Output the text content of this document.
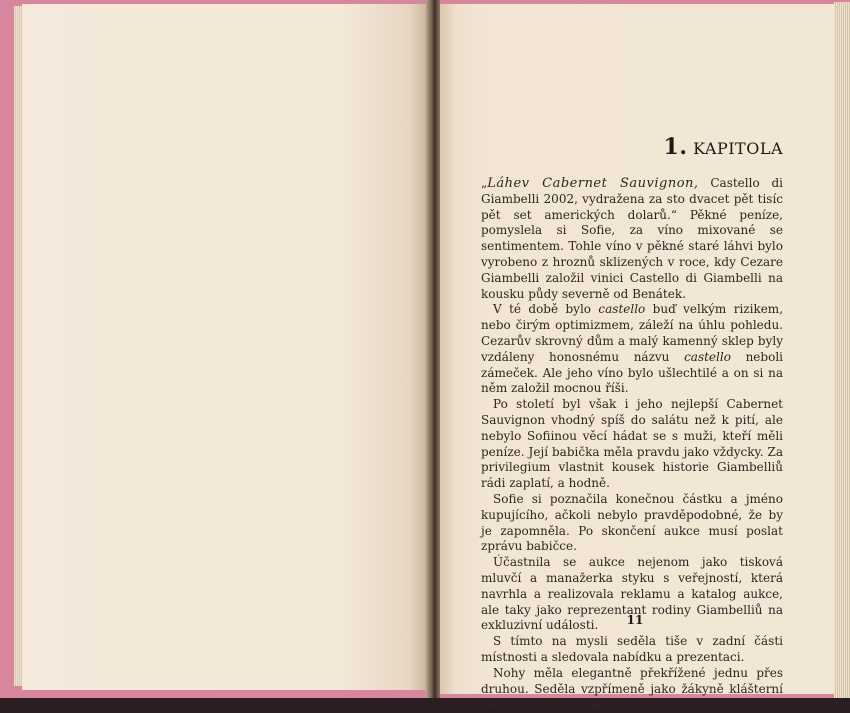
1. KAPITOLA

„Láhev Cabernet Sauvignon, Castello di Giambelli 2002, vydražena za sto dvacet pět tisíc pět set amerických dolarů.“ Pěkné peníze, pomyslela si Sofie, za víno mixované se sentimentem. Tohle víno v pěkné staré láhvi bylo vyrobeno z hroznů sklizených v roce, kdy Cezare Giambelli založil vinici Castello di Giambelli na kousku půdy severně od Benátek.

V té době bylo castello buď velkým rizikem, nebo čirým optimizmem, záleží na úhlu pohledu. Cezarův skrovný dům a malý kamenný sklep byly vzdáleny honosnému názvu castello neboli zámeček. Ale jeho víno bylo ušlechtilé a on si na něm založil mocnou říši.

Po století byl však i jeho nejlepší Cabernet Sauvignon vhodný spíš do salátu než k pití, ale nebylo Sofiinou věcí hádat se s muži, kteří měli peníze. Její babička měla pravdu jako vždycky. Za privilegium vlastnit kousek historie Giambelliů rádi zaplatí, a hodně.

Sofie si poznačila konečnou částku a jméno kupujícího, ačkoli nebylo pravděpodobné, že by je zapomněla. Po skončení aukce musí poslat zprávu babičce.

Účastnila se aukce nejenom jako tisková mluvčí a manažerka styku s veřejností, která navrhla a realizovala reklamu a katalog aukce, ale taky jako reprezentant rodiny Giambelliů na exkluzivní události.

S tímto na mysli seděla tiše v zadní části místnosti a sledovala nabídku a prezentaci.

Nohy měla elegantně překřížené jednu přes druhou. Seděla vzpřímeně jako žákyně klášterní školy. Na sobě měla

11
